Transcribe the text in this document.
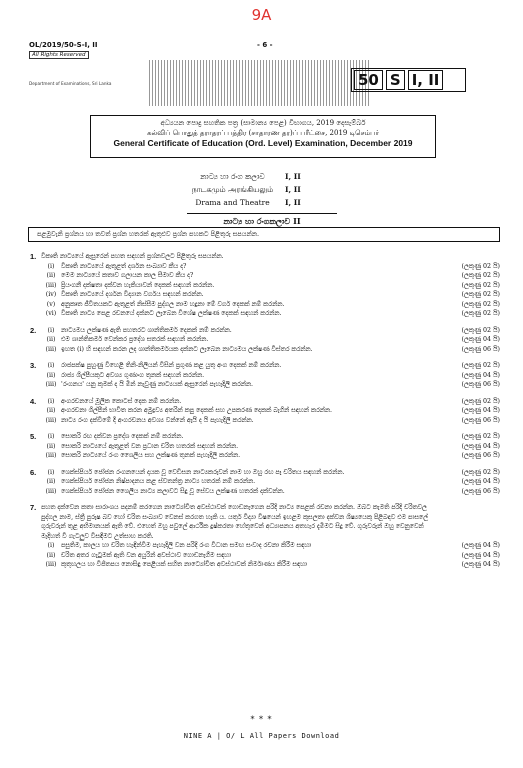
9A
OL/2019/50-S-I, II	- 6 -
All Rights Reserved
Department of Examinations, Sri Lanka	50 S I, II
අධ්‍යයන පොදු සහතික පත්‍ර (සාමාන්‍ය පෙළ) විභාගය, 2019 දෙසැම්බර්
கல்விப் பொதுத் தராதரப் பத்திர (சாதாரண தர)ப் பரீட்சை, 2019 டிசெம்பர்
General Certificate of Education (Ord. Level) Examination, December 2019
නාට්‍ය හා රංග කලාව	I, II
நாடகமும் அரங்கியலும்	I, II
Drama and Theatre	I, II
නාට්‍ය හා රංගකලාව II
පළමුවැනි ප්‍රශ්නය හා තවත් ප්‍රශ්න හතරක් ඇතුළුව ප්‍රශ්න පහකට පිළිතුරු සපයන්න.
1. විකෘති නාට්‍යයේ ඇසුරෙන් පහත සඳහන් ප්‍රශ්නවලට පිළිතුරු සපයන්න.
(i)	විකෘති නාට්‍යයේ ඇතුළත් දර්ශන සංඛ්‍යාව කීය ද?	(ලකුණු 02 යි)
(ii) මෙම නාට්‍යයේ කතාව ගලායන කාල සීමාව කීය ද?	(ලකුණු 02 යි)
(iii) ප්‍රියංගනී දක්ෂතා දක්වන හැකියාවන් දෙකක් සඳහන් කරන්න.	(ලකුණු 02 යි)
(iv) විකෘති නාට්‍යයේ දර්ශන විද්‍යාන වර්ගය සඳහන් කරන්න.	(ලකුණු 02 යි)
(v) අනුකෘත ජීවිතයකට ඇතුළත් නිස්සීම පුද්ගල නාම හදුනා මේ වර්ග දෙකක් නම් කරන්න.	(ලකුණු 02 යි)
(vi) විකෘති නාට්‍ය පෙළ රචනයේ දක්නට ලැබෙන විශේෂ ලක්ෂණ දෙකක් සඳහන් කරන්න.	(ලකුණු 02 යි)
2.	(i)	නාට්‍යමය ලක්ෂණ ඇති පහතරට ශාන්තිකර්ම දෙකක් නම් කරන්න.	(ලකුණු 02 යි)
(ii) එම ශාන්තිකර්ම වෙන්කර ප්‍රදේශ සතරක් සඳහන් කරන්න.	(ලකුණු 04 යි)
(iii) ඉහත (i) හි සඳහන් කරන ලද ශාන්තිකර්මයක දක්නට ලැබෙන නාට්‍යමය ලක්ෂණ විස්තර කරන්න.	(ලකුණු 06 යි)
3.	(i)	රාජපක්ෂ පුහුණු විහෙළි තිනි-නිලියන් විසින් ප්‍රගුණ කළ යුතු අංග දෙකක් නම් කරන්න.	(ලකුණු 02 යි)
(ii) රාජ්‍ය ශිල්පීයකුට අවශ්‍ය ගුණාංග තුනක් සඳහන් කරන්න.	(ලකුණු 04 යි)
(iii) 'රංගනය' යනු කුමක් ද යි මින් නැවුණු නාට්‍යයක් ඇසුරෙන් පැහැදිලි කරන්න.	(ලකුණු 06 යි)
4.	(i)	අංගරචනයේ මූලික කොටස් දෙක නම් කරන්න.	(ලකුණු 02 යි)
(ii) අංගරචනා ශිල්පීන් භාවිත කරන අමුද්‍රව්‍ය අතරින් කපු දෙකක් සහ උපකරණ දෙකක් බැගින් සඳහන් කරන්න.	(ලකුණු 04 යි)
(iii) නාට්‍ය රංග දක්වීමේ දී අංගරචනය අවශ්‍ය වන්නේ ඇයි ද යි පැහැදිලි කරන්න.	(ලකුණු 06 යි)
5.	(i)	සොකරි රඟ දක්වන ප්‍රදේශ දෙකක් නම් කරන්න.	(ලකුණු 02 යි)
(ii) සොකරි නාට්‍යයේ ඇතුළත් වන ප්‍රධාන චරිත හතරක් සඳහන් කරන්න.	(ලකුණු 04 යි)
(iii) සොකරි නාට්‍යයේ රංග ශෛලිය සහ ලක්ෂණ තුනක් පැහැදිලි කරන්න.	(ලකුණු 06 යි)
6.	(i)	ශෙක්ස්පියර් ජෝජන රංගනයෙන් දායක වූ වෙඩිසන නාට්‍යකරුවන් නාම හා ඔහු රඟ පෑ චරිතය සඳහන් කරන්න.	(ලකුණු 02 යි)
(ii) ශෙක්ස්පියර් ජෝජන නිෂ්පාදනය කළ ස්වතන්ත්‍ර නාට්‍ය හතරක් නම් කරන්න.	(ලකුණු 04 යි)
(iii) ශෙක්ස්පියර් ජෝජන ශෛලීය නාට්‍ය කලාවට සිදු වූ සේවය ලක්ෂණ හතරක් දක්වන්න.	(ලකුණු 06 යි)
7. පහත දක්වෙන කතා සාරාංශය පදනම් කරගෙන නාට්‍යෝචිත අවස්ථාවක් ගොඩනැගෙන පරිදි නාට්‍ය පෙළක් රචනා කරන්න. ඔබට කැමති පරිදි චරිතවල පුද්ගල නාම, ස්ත්‍රී පුරුෂ බව හෝ චරිත සංඛ්‍යාව වෙනස් කරගත හැකි ය. යතුර් විද්‍යා විෂයෙන් ඉහළම කුසලතා දක්වන ශිෂ්‍යයෙකු පිළිබඳව එම පාසලේ ගුරුවරුන් තුළ අභිමානයක් ඇති වේ. එහෙත් ඔහු පවුලේ ආර්ථික දුෂ්කරතා හේතුවෙන් අධ්‍යාපනය අතහැර දැමීමට සිදු වේ. ගුරුවරුන් ඔහු වෙනුවෙන් මැදිහත් වී ගැටලුව විසඳීමට උත්සාහ කරති.
(i)	පසුතිම, කාලය හා චරිත හැඳින්වීම පැහැදිලි වන පරිදි රංග විධාන සමඟ සංවාද රචනා කිරීම සඳහා	(ලකුණු 04 යි)
(ii) චරිත අතර ගැටුමක් ඇති වන අයුරින් අවස්ථාව ගොඩනැගීම සඳහා	(ලකුණු 04 යි)
(iii) කුතුහලය හා විජිතපය නොසිඳු පෙළීයක් සහිත නාට්‍යෝචිත අවස්ථාවක් නිර්මාණය කිරීම සඳහා	(ලකුණු 04 යි)
* * *
NINE A | O/ L All Papers Download
